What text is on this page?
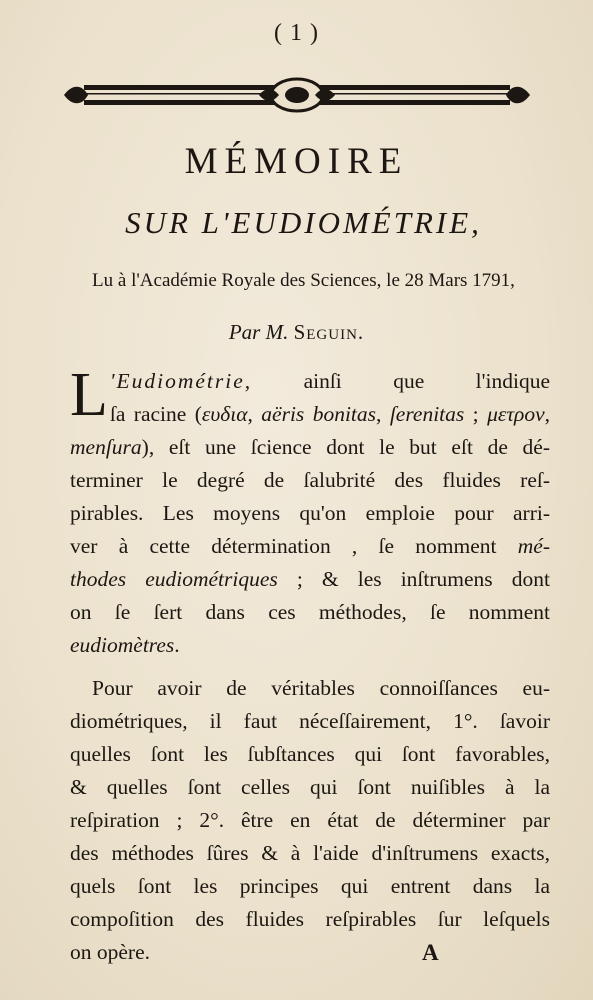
( 1 )
MÉMOIRE
SUR L'EUDIOMÉTRIE,
Lu à l'Académie Royale des Sciences, le 28 Mars 1791,
Par M. Seguin.
L 'Eudiométrie, ainſi que l'indique
ſa racine (ευδια, aëris bonitas, ſerenitas ; μετρον,
menſura), eſt une ſcience dont le but eſt de dé-
terminer le degré de ſalubrité des fluides reſ-
pirables. Les moyens qu'on emploie pour arri-
ver à cette détermination , ſe nomment mé-
thodes eudiométriques ; & les inſtrumens dont
on ſe ſert dans ces méthodes, ſe nomment
eudiomètres.
Pour avoir de véritables connoiſſances eu-
diométriques, il faut néceſſairement, 1°. ſavoir
quelles ſont les ſubſtances qui ſont favorables,
& quelles ſont celles qui ſont nuiſibles à la
reſpiration ; 2°. être en état de déterminer par
des méthodes ſûres & à l'aide d'inſtrumens exacts,
quels ſont les principes qui entrent dans la
compoſition des fluides reſpirables ſur leſquels
on opère.	A
